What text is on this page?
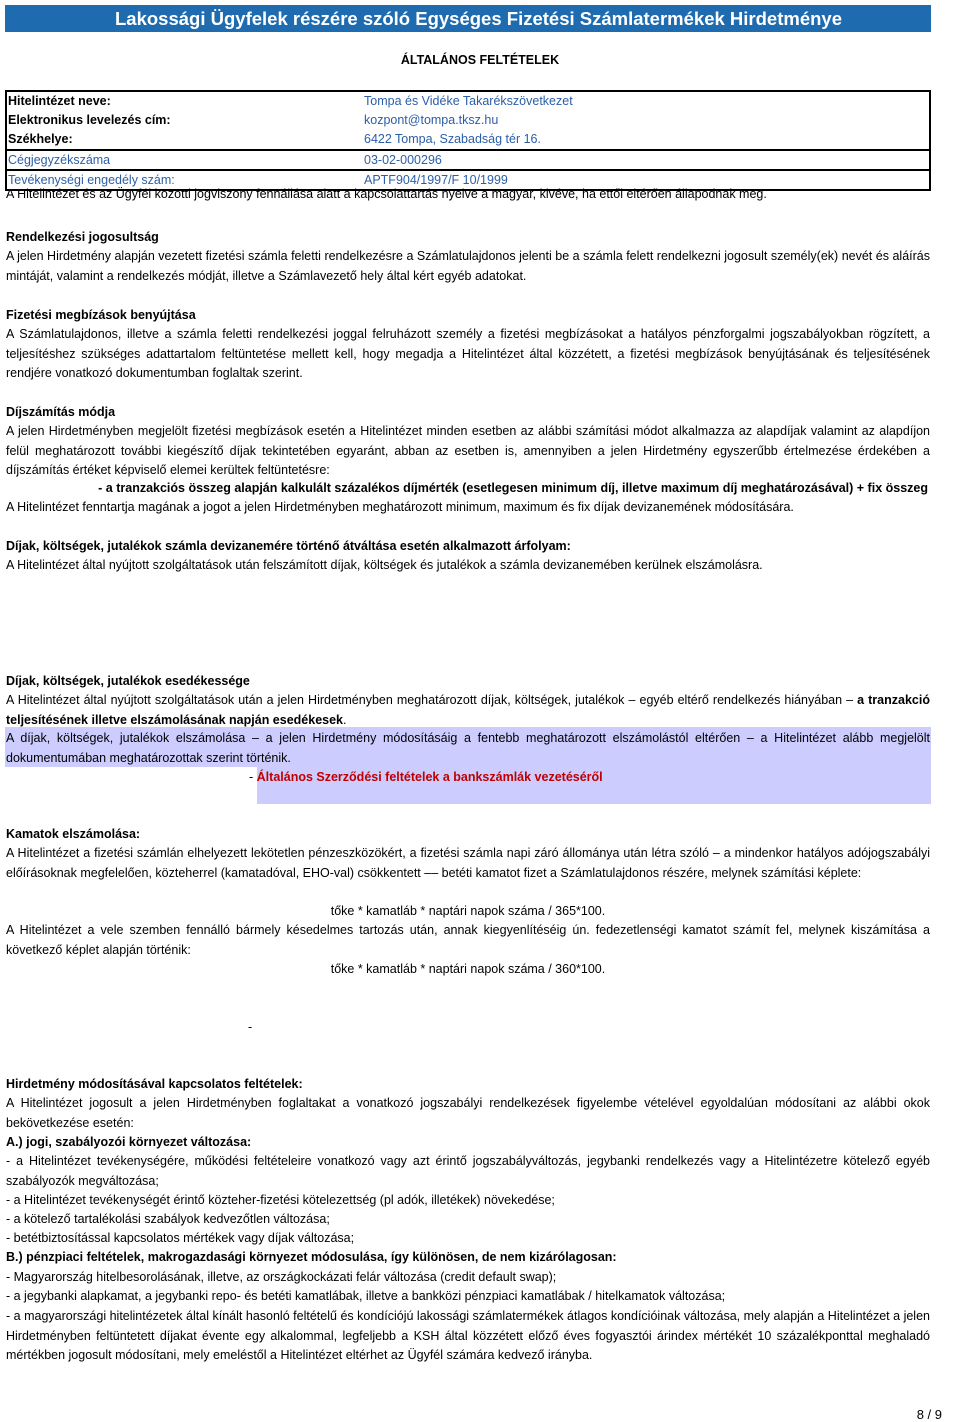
Lakossági Ügyfelek részére szóló Egységes Fizetési Számlatermékek Hirdetménye
ÁLTALÁNOS FELTÉTELEK
Hitelintézet neve:	Tompa és Vidéke Takarékszövetkezet
Elektronikus levelezés cím:	kozpont@tompa.tksz.hu
Székhelye:	6422 Tompa, Szabadság tér 16.
Cégjegyzékszáma	03-02-000296
Tevékenységi engedély szám:	APTF904/1997/F 10/1999
A Hitelintézet és az Ügyfél közötti jogviszony fennállása alatt a kapcsolattartás nyelve a magyar, kivéve, ha ettől eltérően állapodnak meg.
Rendelkezési jogosultság
A jelen Hirdetmény alapján vezetett fizetési számla feletti rendelkezésre a Számlatulajdonos jelenti be a számla felett rendelkezni jogosult személy(ek) nevét és aláírás mintáját, valamint a rendelkezés módját, illetve a Számlavezető hely által kért egyéb adatokat.
Fizetési megbízások benyújtása
A Számlatulajdonos, illetve a számla feletti rendelkezési joggal felruházott személy a fizetési megbízásokat a hatályos pénzforgalmi jogszabályokban rögzített, a teljesítéshez szükséges adattartalom feltüntetése mellett kell, hogy megadja a Hitelintézet által közzétett, a fizetési megbízások benyújtásának és teljesítésének rendjére vonatkozó dokumentumban foglaltak szerint.
Díjszámítás módja
A jelen Hirdetményben megjelölt fizetési megbízások esetén a Hitelintézet minden esetben az alábbi számítási módot alkalmazza az alapdíjak valamint az alapdíjon felül meghatározott további kiegészítő díjak tekintetében egyaránt, abban az esetben is, amennyiben a jelen Hirdetmény egyszerűbb értelmezése érdekében a díjszámítás értéket képviselő elemei kerültek feltüntetésre:
- a tranzakciós összeg alapján kalkulált százalékos díjmérték (esetlegesen minimum díj, illetve maximum díj meghatározásával) + fix összeg
A Hitelintézet fenntartja magának a jogot a jelen Hirdetményben meghatározott minimum, maximum és fix díjak devizanemének módosítására.
Díjak, költségek, jutalékok számla devizanemére történő átváltása esetén alkalmazott árfolyam:
A Hitelintézet által nyújtott szolgáltatások után felszámított díjak, költségek és jutalékok a számla devizanemében kerülnek elszámolásra.
Díjak, költségek, jutalékok esedékessége
A Hitelintézet által nyújtott szolgáltatások után a jelen Hirdetményben meghatározott díjak, költségek, jutalékok – egyéb eltérő rendelkezés hiányában – a tranzakció teljesítésének illetve elszámolásának napján esedékesek.
A díjak, költségek, jutalékok elszámolása – a jelen Hirdetmény módosításáig a fentebb meghatározott elszámolástól eltérően – a Hitelintézet alább megjelölt dokumentumában meghatározottak szerint történik.
- Általános Szerződési feltételek a bankszámlák vezetéséről
Kamatok elszámolása:
A Hitelintézet a fizetési számlán elhelyezett lekötetlen pénzeszközökért, a fizetési számla napi záró állománya után létra szóló – a mindenkor hatályos adójogszabályi előírásoknak megfelelően, közteherrel (kamatadóval, EHO-val) csökkentett –– betéti kamatot fizet a Számlatulajdonos részére, melynek számítási képlete:
tőke * kamatláb * naptári napok száma / 365*100.
A Hitelintézet a vele szemben fennálló bármely késedelmes tartozás után, annak kiegyenlítéséig ún. fedezetlenségi kamatot számít fel, melynek kiszámítása a következő képlet alapján történik:
tőke * kamatláb * naptári napok száma / 360*100.
-
Hirdetmény módosításával kapcsolatos feltételek:
A Hitelintézet jogosult a jelen Hirdetményben foglaltakat a vonatkozó jogszabályi rendelkezések figyelembe vételével egyoldalúan módosítani az alábbi okok bekövetkezése esetén:
A.) jogi, szabályozói környezet változása:
- a Hitelintézet tevékenységére, működési feltételeire vonatkozó vagy azt érintő jogszabályváltozás, jegybanki rendelkezés vagy a Hitelintézetre kötelező egyéb szabályozók megváltozása;
- a Hitelintézet tevékenységét érintő közteher-fizetési kötelezettség (pl adók, illetékek) növekedése;
- a kötelező tartalékolási szabályok kedvezőtlen változása;
- betétbiztosítással kapcsolatos mértékek vagy díjak változása;
B.) pénzpiaci feltételek, makrogazdasági környezet módosulása, így különösen, de nem kizárólagosan:
- Magyarország hitelbesorolásának, illetve, az országkockázati felár változása (credit default swap);
- a jegybanki alapkamat, a jegybanki repo- és betéti kamatlábak, illetve a bankközi pénzpiaci kamatlábak / hitelkamatok változása;
- a magyarországi hitelintézetek által kínált hasonló feltételű és kondíciójú lakossági számlatermékek átlagos kondícióinak változása, mely alapján a Hitelintézet a jelen Hirdetményben feltüntetett díjakat évente egy alkalommal, legfeljebb a KSH által közzétett előző éves fogyasztói árindex mértékét 10 százalékponttal meghaladó mértékben jogosult módosítani, mely emeléstől a Hitelintézet eltérhet az Ügyfél számára kedvező irányba.
8 / 9
